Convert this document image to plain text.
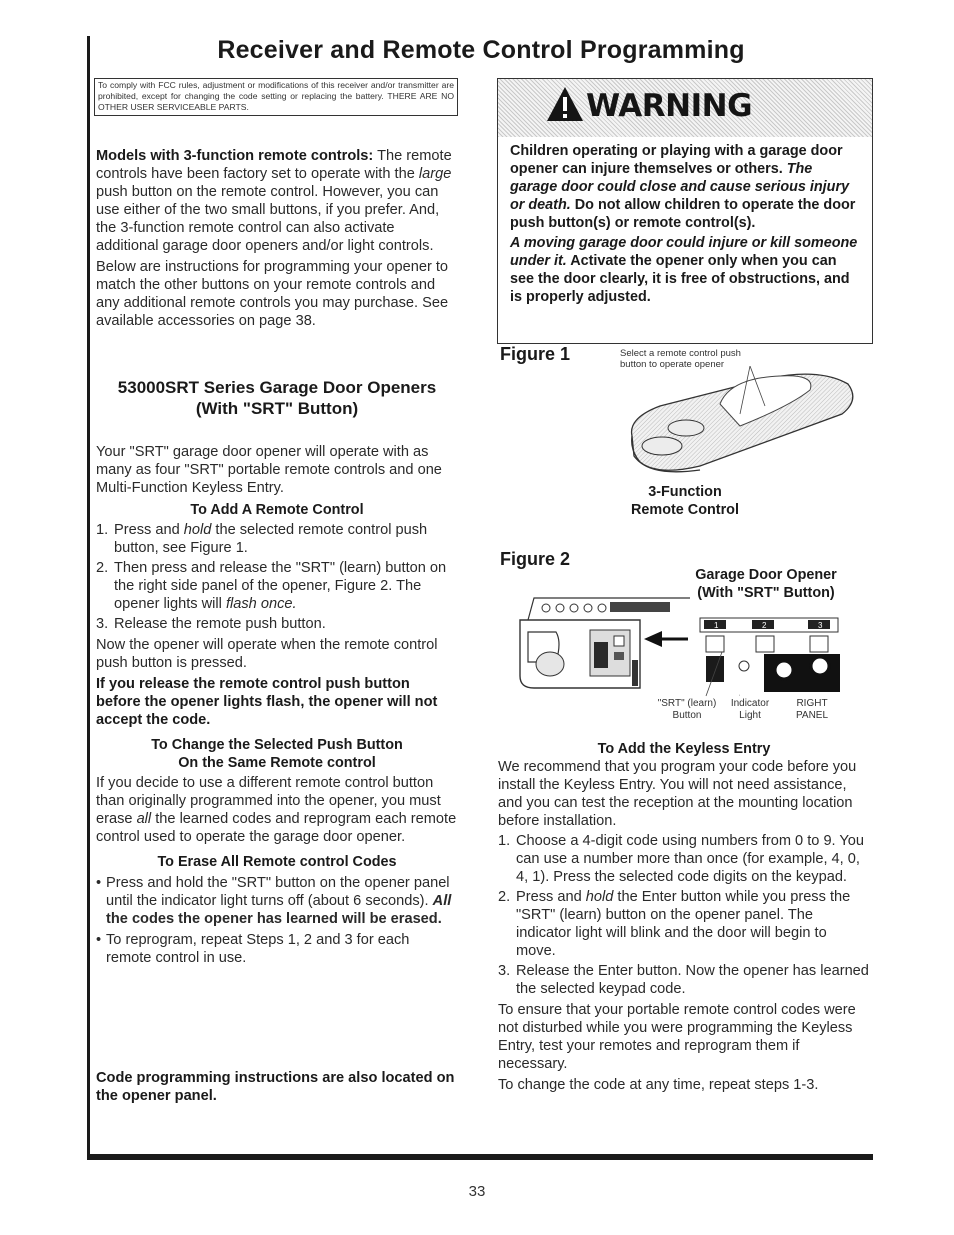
Receiver and Remote Control Programming
To comply with FCC rules, adjustment or modifications of this receiver and/or transmitter are prohibited, except for changing the code setting or replacing the battery. THERE ARE NO OTHER USER SERVICEABLE PARTS.

Models with 3-function remote controls: The remote controls have been factory set to operate with the large push button on the remote control. However, you can use either of the two small buttons, if you prefer. And, the 3-function remote control can also activate additional garage door openers and/or light controls.

Below are instructions for programming your opener to match the other buttons on your remote controls and any additional remote controls you may purchase. See available accessories on page 38.

53000SRT Series Garage Door Openers
(With "SRT" Button)

Your "SRT" garage door opener will operate with as many as four "SRT" portable remote controls and one Multi-Function Keyless Entry.

To Add A Remote Control

1. Press and hold the selected remote control push button, see Figure 1.
2. Then press and release the "SRT" (learn) button on the right side panel of the opener, Figure 2. The opener lights will flash once.
3. Release the remote push button.

Now the opener will operate when the remote control push button is pressed.

If you release the remote control push button before the opener lights flash, the opener will not accept the code.

To Change the Selected Push Button
On the Same Remote control

If you decide to use a different remote control button than originally programmed into the opener, you must erase all the learned codes and reprogram each remote control used to operate the garage door opener.

To Erase All Remote control Codes

• Press and hold the "SRT" button on the opener panel until the indicator light turns off (about 6 seconds). All the codes the opener has learned will be erased.
• To reprogram, repeat Steps 1, 2 and 3 for each remote control in use.
Code programming instructions are also located on the opener panel.
WARNING

Children operating or playing with a garage door opener can injure themselves or others. The garage door could close and cause serious injury or death. Do not allow children to operate the door push button(s) or remote control(s).

A moving garage door could injure or kill someone under it. Activate the opener only when you can see the door clearly, it is free of obstructions, and is properly adjusted.

Figure 1	Select a remote control push
button to operate opener
3-Function
Remote Control
Figure 2
Garage Door Opener
(With "SRT" Button)
1	2	3
"SRT" (learn)
Button
Indicator
Light
RIGHT
PANEL

To Add the Keyless Entry

We recommend that you program your code before you install the Keyless Entry. You will not need assistance, and you can test the reception at the mounting location before installation.

1. Choose a 4-digit code using numbers from 0 to 9. You can use a number more than once (for example, 4, 0, 4, 1). Press the selected code digits on the keypad.
2. Press and hold the Enter button while you press the "SRT" (learn) button on the opener panel. The indicator light will blink and the door will begin to move.
3. Release the Enter button. Now the opener has learned the selected keypad code.

To ensure that your portable remote control codes were not disturbed while you were programming the Keyless Entry, test your remotes and reprogram them if necessary.

To change the code at any time, repeat steps 1-3.

33
